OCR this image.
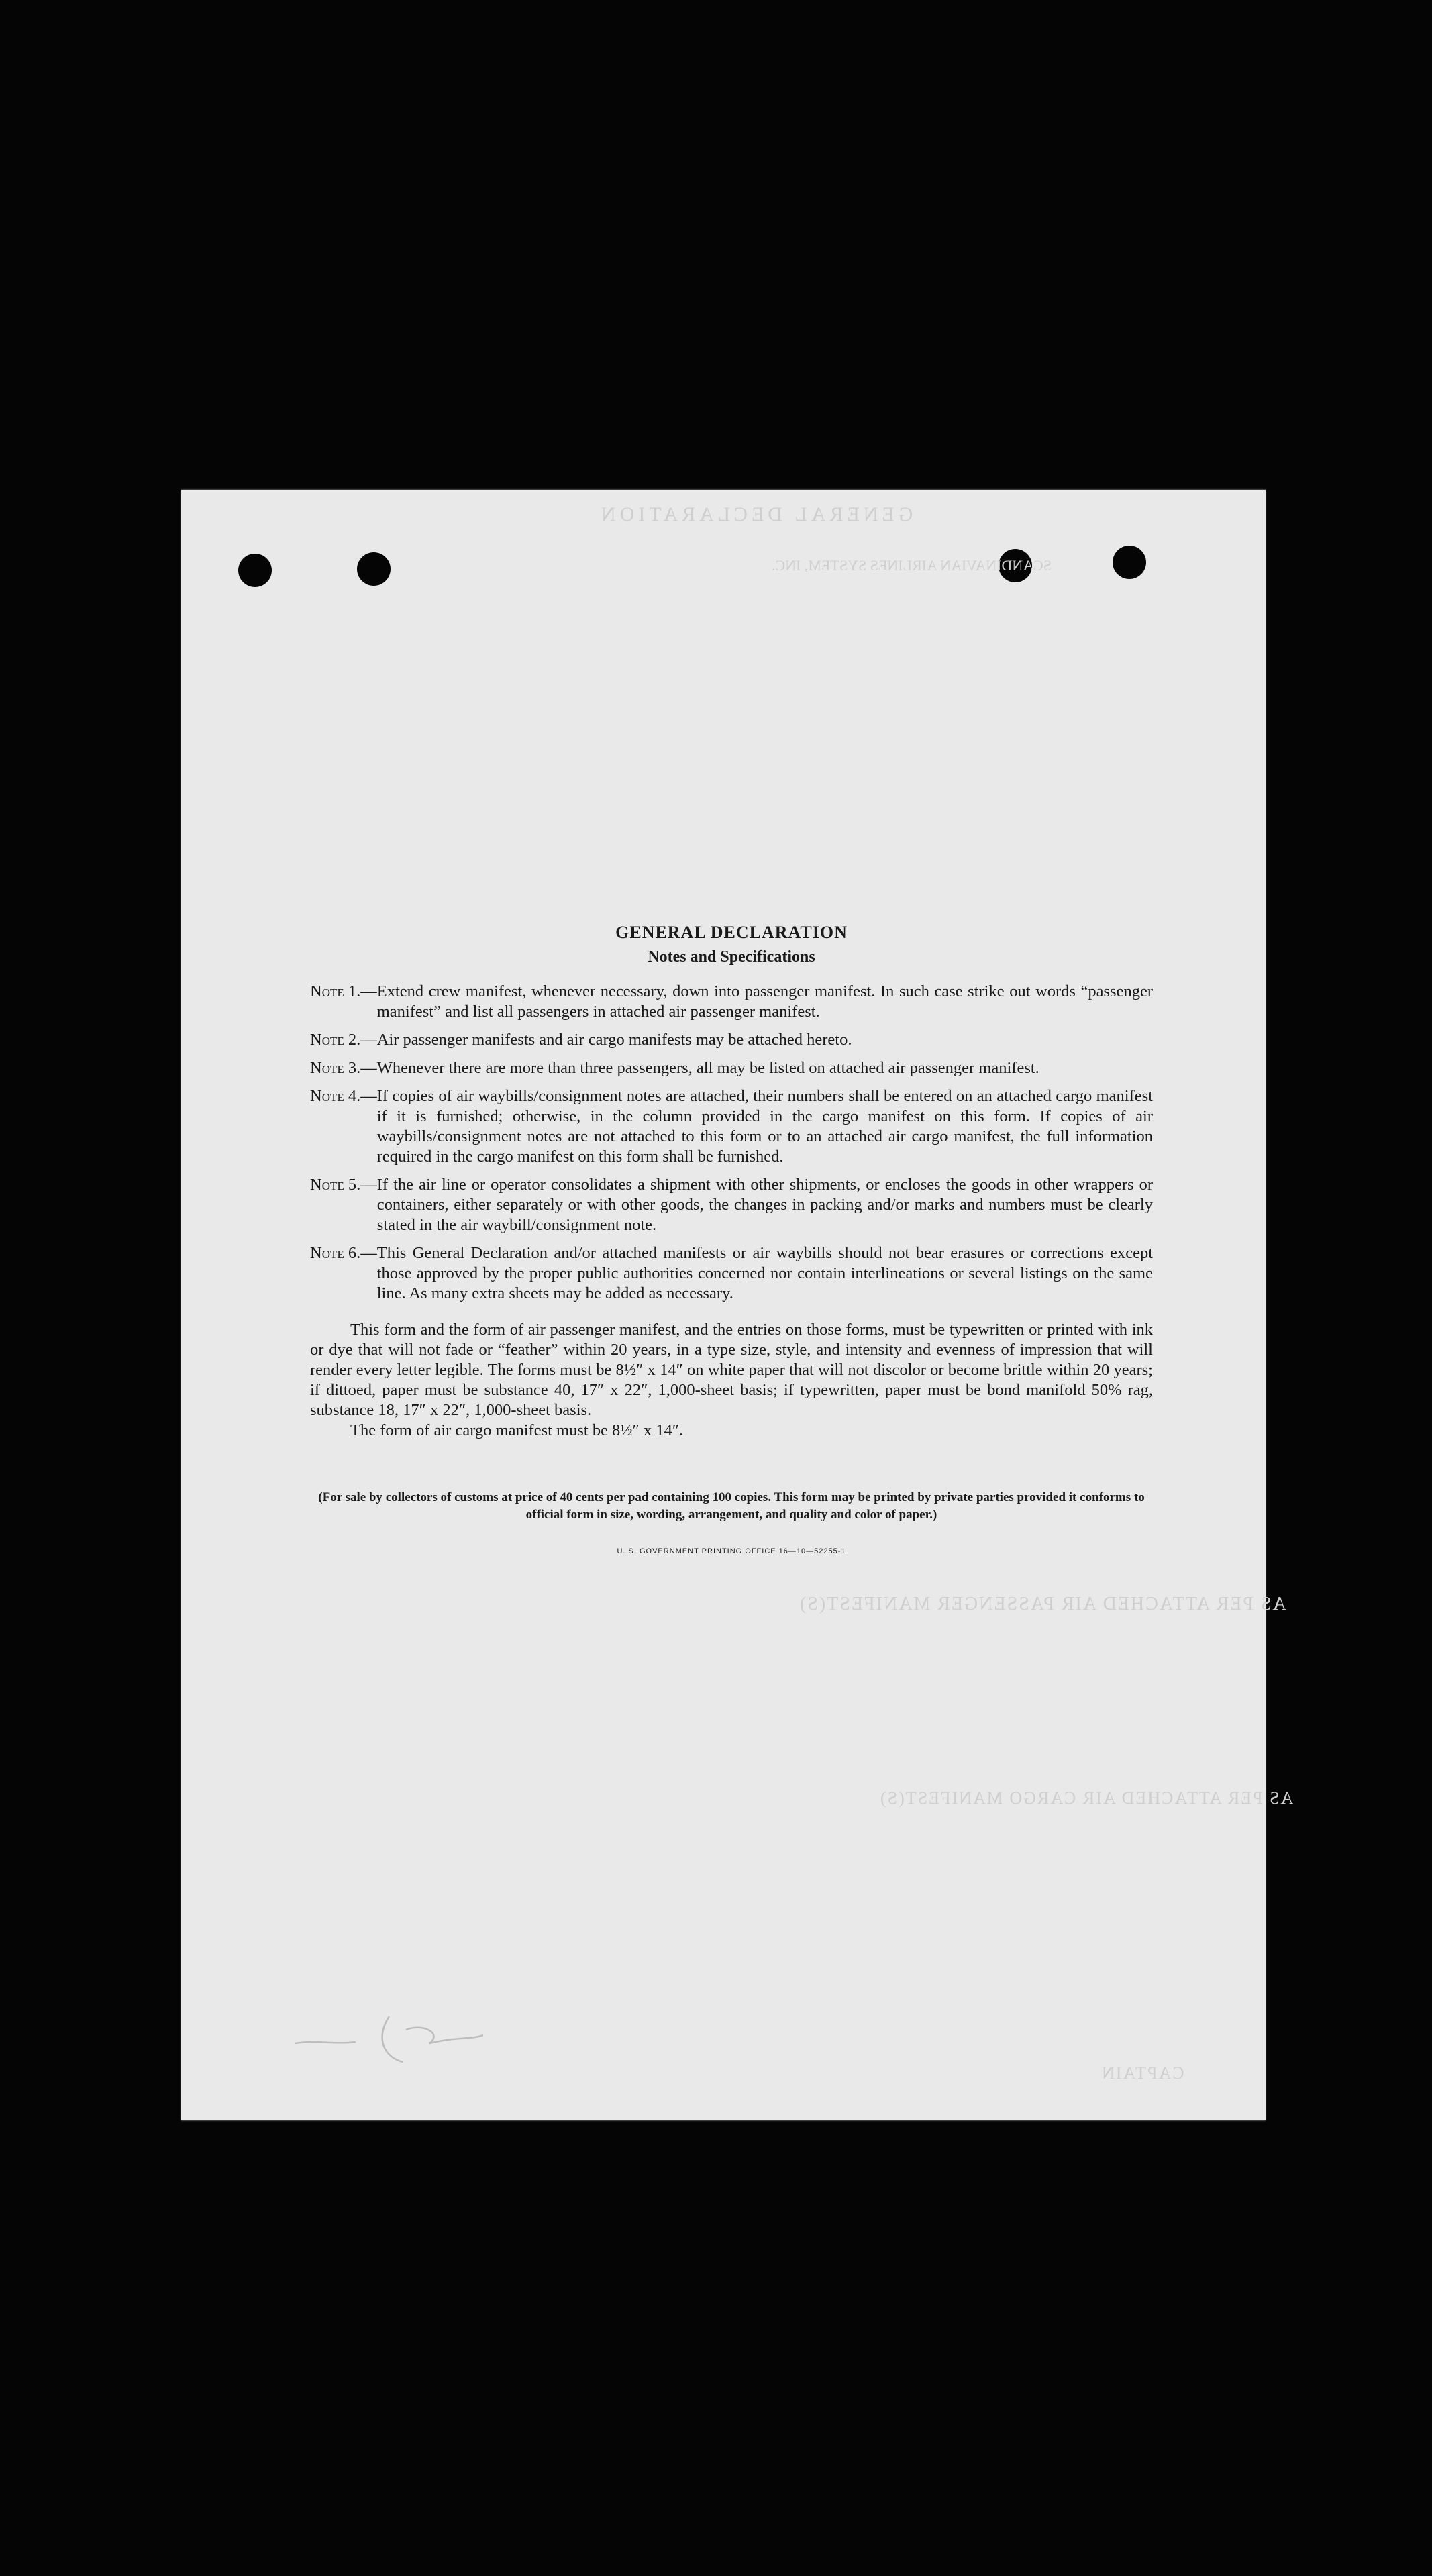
GENERAL DECLARATION
SCANDINAVIAN AIRLINES SYSTEM, INC.
AS PER ATTACHED AIR PASSENGER MANIFEST(S)
AS PER ATTACHED AIR CARGO MANIFEST(S)
CAPTAIN
GENERAL DECLARATION
Notes and Specifications
Note 1.— Extend crew manifest, whenever necessary, down into passenger manifest. In such case strike out words “passenger manifest” and list all passengers in attached air passenger manifest.
Note 2.— Air passenger manifests and air cargo manifests may be attached hereto.
Note 3.— Whenever there are more than three passengers, all may be listed on attached air passenger manifest.
Note 4.— If copies of air waybills/consignment notes are attached, their numbers shall be entered on an attached cargo manifest if it is furnished; otherwise, in the column provided in the cargo manifest on this form. If copies of air waybills/consignment notes are not attached to this form or to an attached air cargo manifest, the full information required in the cargo manifest on this form shall be furnished.
Note 5.— If the air line or operator consolidates a shipment with other shipments, or encloses the goods in other wrappers or containers, either separately or with other goods, the changes in packing and/or marks and numbers must be clearly stated in the air waybill/consignment note.
Note 6.— This General Declaration and/or attached manifests or air waybills should not bear erasures or corrections except those approved by the proper public authorities concerned nor contain interlineations or several listings on the same line. As many extra sheets may be added as necessary.

This form and the form of air passenger manifest, and the entries on those forms, must be typewritten or printed with ink or dye that will not fade or “feather” within 20 years, in a type size, style, and intensity and evenness of impression that will render every letter legible. The forms must be 8½″ x 14″ on white paper that will not discolor or become brittle within 20 years; if dittoed, paper must be substance 40, 17″ x 22″, 1,000-sheet basis; if typewritten, paper must be bond manifold 50% rag, substance 18, 17″ x 22″, 1,000-sheet basis.

The form of air cargo manifest must be 8½″ x 14″.

(For sale by collectors of customs at price of 40 cents per pad containing 100 copies. This form may be printed by private parties provided it conforms to official form in size, wording, arrangement, and quality and color of paper.)
U. S. GOVERNMENT PRINTING OFFICE 16—10—52255-1
